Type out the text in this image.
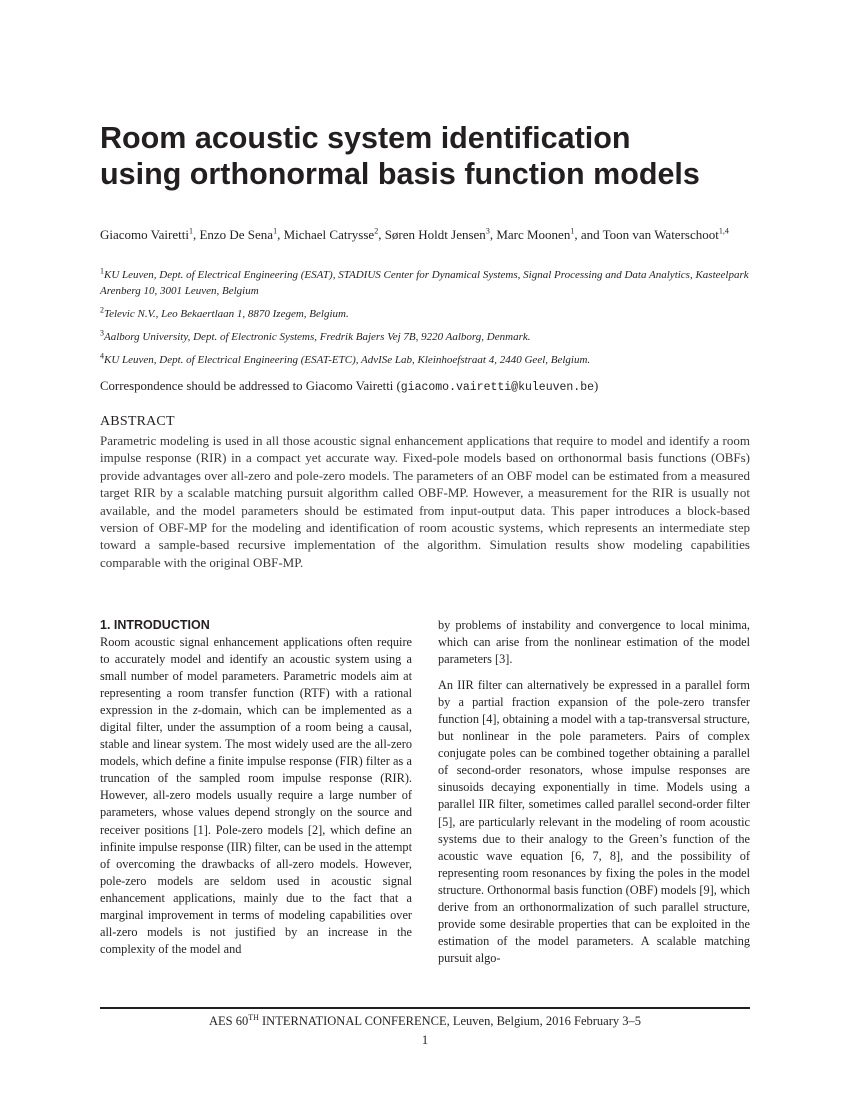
Room acoustic system identification
using orthonormal basis function models
Giacomo Vairetti$^1$, Enzo De Sena$^1$, Michael Catrysse$^2$, Søren Holdt Jensen$^3$, Marc Moonen$^1$, and Toon van Waterschoot$^{1,4}$

$^1$KU Leuven, Dept. of Electrical Engineering (ESAT), STADIUS Center for Dynamical Systems, Signal Processing and Data Analytics, Kasteelpark Arenberg 10, 3001 Leuven, Belgium

$^2$Televic N.V., Leo Bekaertlaan 1, 8870 Izegem, Belgium.

$^3$Aalborg University, Dept. of Electronic Systems, Fredrik Bajers Vej 7B, 9220 Aalborg, Denmark.

$^4$KU Leuven, Dept. of Electrical Engineering (ESAT-ETC), AdvISe Lab, Kleinhoefstraat 4, 2440 Geel, Belgium.

Correspondence should be addressed to Giacomo Vairetti (giacomo.vairetti@kuleuven.be)
ABSTRACT

Parametric modeling is used in all those acoustic signal enhancement applications that require to model and identify a room impulse response (RIR) in a compact yet accurate way. Fixed-pole models based on orthonormal basis functions (OBFs) provide advantages over all-zero and pole-zero models. The parameters of an OBF model can be estimated from a measured target RIR by a scalable matching pursuit algorithm called OBF-MP. However, a measurement for the RIR is usually not available, and the model parameters should be estimated from input-output data. This paper introduces a block-based version of OBF-MP for the modeling and identification of room acoustic systems, which represents an intermediate step toward a sample-based recursive implementation of the algorithm. Simulation results show modeling capabilities comparable with the original OBF-MP.

1. INTRODUCTION

Room acoustic signal enhancement applications often require to accurately model and identify an acoustic system using a small number of model parameters. Parametric models aim at representing a room transfer function (RTF) with a rational expression in the z-domain, which can be implemented as a digital filter, under the assumption of a room being a causal, stable and linear system. The most widely used are the all-zero models, which define a finite impulse response (FIR) filter as a truncation of the sampled room impulse response (RIR). However, all-zero models usually require a large number of parameters, whose values depend strongly on the source and receiver positions [1]. Pole-zero models [2], which define an infinite impulse response (IIR) filter, can be used in the attempt of overcoming the drawbacks of all-zero models. However, pole-zero models are seldom used in acoustic signal enhancement applications, mainly due to the fact that a marginal improvement in terms of modeling capabilities over all-zero models is not justified by an increase in the complexity of the model and

by problems of instability and convergence to local minima, which can arise from the nonlinear estimation of the model parameters [3].

An IIR filter can alternatively be expressed in a parallel form by a partial fraction expansion of the pole-zero transfer function [4], obtaining a model with a tap-transversal structure, but nonlinear in the pole parameters. Pairs of complex conjugate poles can be combined together obtaining a parallel of second-order resonators, whose impulse responses are sinusoids decaying exponentially in time. Models using a parallel IIR filter, sometimes called parallel second-order filter [5], are particularly relevant in the modeling of room acoustic systems due to their analogy to the Green’s function of the acoustic wave equation [6, 7, 8], and the possibility of representing room resonances by fixing the poles in the model structure. Orthonormal basis function (OBF) models [9], which derive from an orthonormalization of such parallel structure, provide some desirable properties that can be exploited in the estimation of the model parameters. A scalable matching pursuit algo-

AES 60TH INTERNATIONAL CONFERENCE, Leuven, Belgium, 2016 February 3–5
1
